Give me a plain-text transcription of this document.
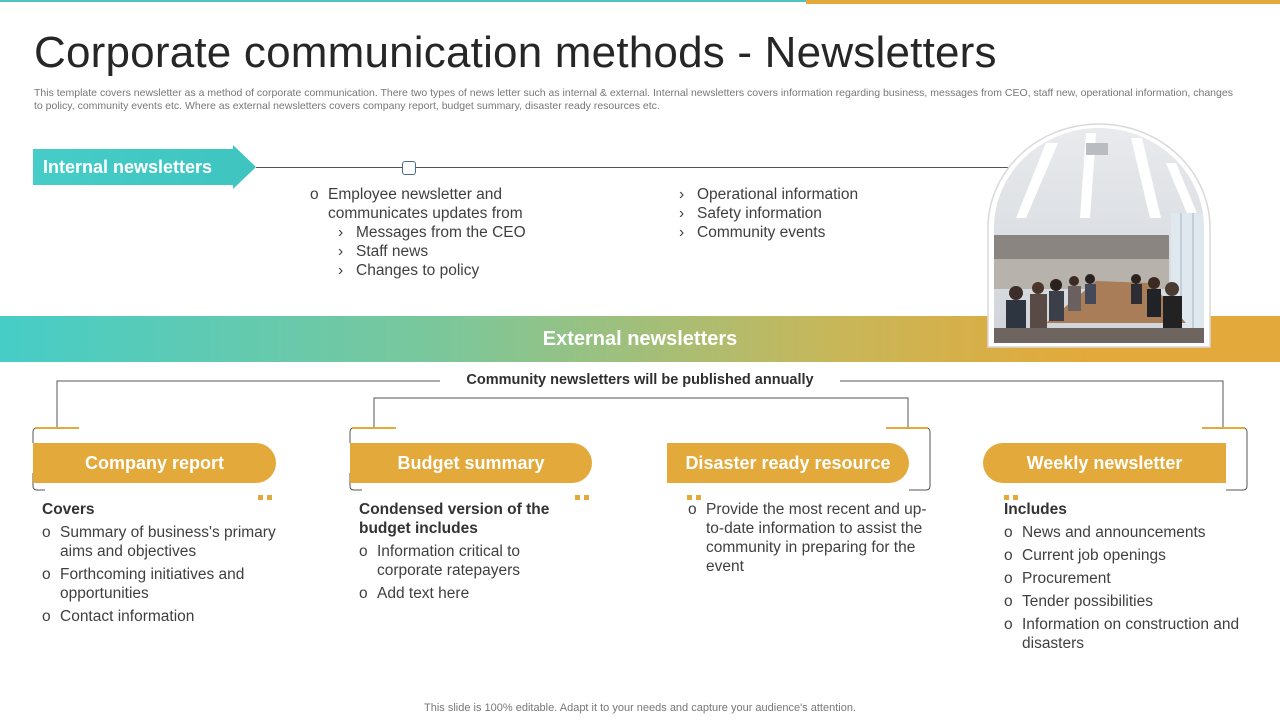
Corporate communication methods - Newsletters
This template covers newsletter as a method of corporate communication. There two types of news letter such as internal & external. Internal newsletters covers information regarding business, messages from CEO, staff new, operational information, changes to policy, community events etc. Where as external newsletters covers company report, budget summary, disaster ready resources etc.
Internal newsletters
o Employee newsletter and communicates updates from
› Messages from the CEO
› Staff news
› Changes to policy
› Operational information
› Safety information
› Community events
External newsletters
Community newsletters will be published annually
Company report
Covers
o Summary of business's primary aims and objectives
o Forthcoming initiatives and opportunities
o Contact information
Budget summary
Condensed version of the budget includes
o Information critical to corporate ratepayers
o Add text here
Disaster ready resource
o Provide the most recent and up-to-date information to assist the community in preparing for the event
Weekly newsletter
Includes
o News and announcements
o Current job openings
o Procurement
o Tender possibilities
o Information on construction and disasters
This slide is 100% editable. Adapt it to your needs and capture your audience's attention.
